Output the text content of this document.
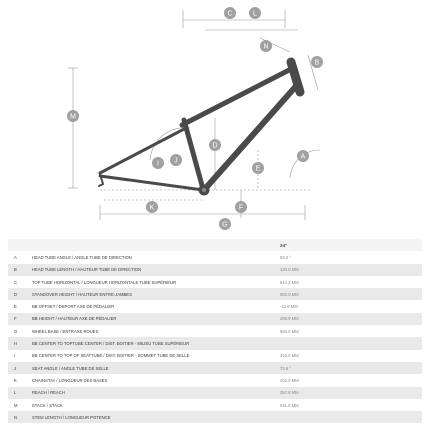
C	L
N
B
M
D
A
I J
E
K	F
G
		24"	
A	HEAD TUBE ANGLE / ANGLE TUBE DE DIRECTION	69.4 °	
B	HEAD TUBE LENGTH / HAUTEUR TUBE DE DIRECTION	120.0 MM	
C	TOP TUBE HORIZONTAL / LONGUEUR HORIZONTALE TUBE SUPÉRIEUR	514.2 MM	
D	STANDOVER HEIGHT / HAUTEUR ENTRE-JAMBES	550.0 MM	
E	BB OFFSET / DEPORT AXE DE PÉDALIER	-12.8 MM	
F	BB HEIGHT / HAUTEUR AXE DE PÉDALIER	298.9 MM	
G	WHEEL BASE / ENTRAXE ROUES	983.0 MM	
H	BB CENTER TO TOPTUBE CENTER / DIST. BOITIER - MILIEU TUBE SUPÉRIEUR		
I	BB CENTER TO TOP OF SEATTUBE / DIST. BOITIER - SOMMET TUBE DE SELLE	310.0 MM	
J	SEAT ANGLE / ANGLE TUBE DE SELLE	73.6 °	
K	CHAINSTAY / LONGUEUR DES BASES	402.0 MM	
L	REACH / REACH	357.8 MM	
M	STACK / STACK	541.8 MM	
N	STEM LENGTH / LONGUEUR POTENCE		
